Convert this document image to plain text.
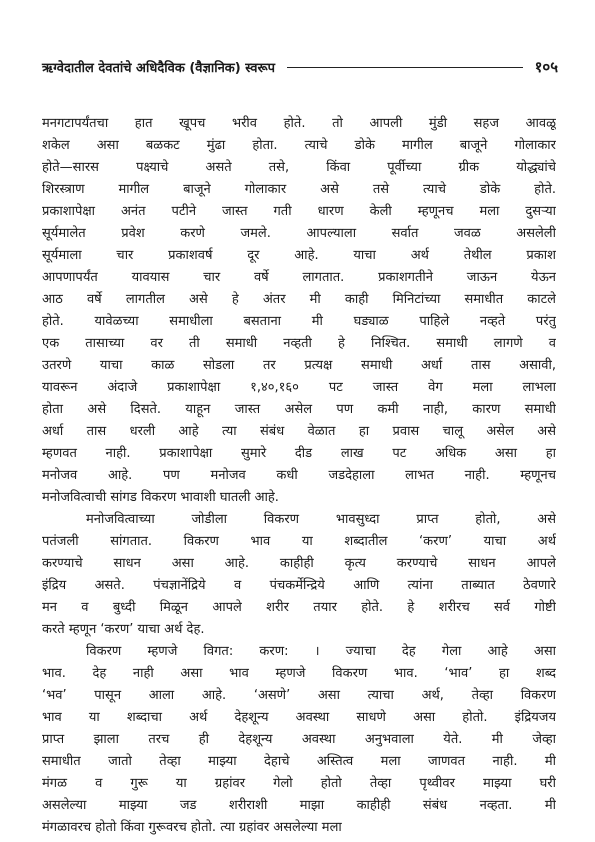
ऋग्वेदातील देवतांचे अधिदैविक (वैज्ञानिक) स्वरूप	१०५
मनगटापर्यंतचा हात खूपच भरीव होते. तो आपली मुंडी सहज आवळू
शकेल असा बळकट मुंढा होता. त्याचे डोके मागील बाजूने गोलाकार
होते—सारस पक्ष्याचे असते तसे, किंवा पूर्वीच्या ग्रीक योद्ध्यांचे
शिरस्त्राण मागील बाजूने गोलाकार असे तसे त्याचे डोके होते.
प्रकाशापेक्षा अनंत पटीने जास्त गती धारण केली म्हणूनच मला दुसऱ्या
सूर्यमालेत प्रवेश करणे जमले. आपल्याला सर्वात जवळ असलेली
सूर्यमाला चार प्रकाशवर्ष दूर आहे. याचा अर्थ तेथील प्रकाश
आपणापर्यंत यावयास चार वर्षे लागतात. प्रकाशगतीने जाऊन येऊन
आठ वर्षे लागतील असे हे अंतर मी काही मिनिटांच्या समाधीत काटले
होते. यावेळच्या समाधीला बसताना मी घड्याळ पाहिले नव्हते परंतु
एक तासाच्या वर ती समाधी नव्हती हे निश्चित. समाधी लागणे व
उतरणे याचा काळ सोडला तर प्रत्यक्ष समाधी अर्धा तास असावी,
यावरून अंदाजे प्रकाशापेक्षा १,४०,१६० पट जास्त वेग मला लाभला
होता असे दिसते. याहून जास्त असेल पण कमी नाही, कारण समाधी
अर्धा तास धरली आहे त्या संबंध वेळात हा प्रवास चालू असेल असे
म्हणवत नाही. प्रकाशापेक्षा सुमारे दीड लाख पट अधिक असा हा
मनोजव आहे. पण मनोजव कधी जडदेहाला लाभत नाही. म्हणूनच
मनोजवित्वाची सांगड विकरण भावाशी घातली आहे.
मनोजवित्वाच्या जोडीला विकरण भावसुध्दा प्राप्त होतो, असे
पतंजली सांगतात. विकरण भाव या शब्दातील ‘करण’ याचा अर्थ
करण्याचे साधन असा आहे. काहीही कृत्य करण्याचे साधन आपले
इंद्रिय असते. पंचज्ञानेंद्रिये व पंचकर्मेन्द्रिये आणि त्यांना ताब्यात ठेवणारे
मन व बुध्दी मिळून आपले शरीर तयार होते. हे शरीरच सर्व गोष्टी
करते म्हणून ‘करण’ याचा अर्थ देह.
विकरण म्हणजे विगत: करण: । ज्याचा देह गेला आहे असा
भाव. देह नाही असा भाव म्हणजे विकरण भाव. ‘भाव’ हा शब्द
‘भव’ पासून आला आहे. ‘असणे’ असा त्याचा अर्थ, तेव्हा विकरण
भाव या शब्दाचा अर्थ देहशून्य अवस्था साधणे असा होतो. इंद्रियजय
प्राप्त झाला तरच ही देहशून्य अवस्था अनुभवाला येते. मी जेव्हा
समाधीत जातो तेव्हा माझ्या देहाचे अस्तित्व मला जाणवत नाही. मी
मंगळ व गुरू या ग्रहांवर गेलो होतो तेव्हा पृथ्वीवर माझ्या घरी
असलेल्या माझ्या जड शरीराशी माझा काहीही संबंध नव्हता. मी
मंगळावरच होतो किंवा गुरूवरच होतो. त्या ग्रहांवर असलेल्या मला
